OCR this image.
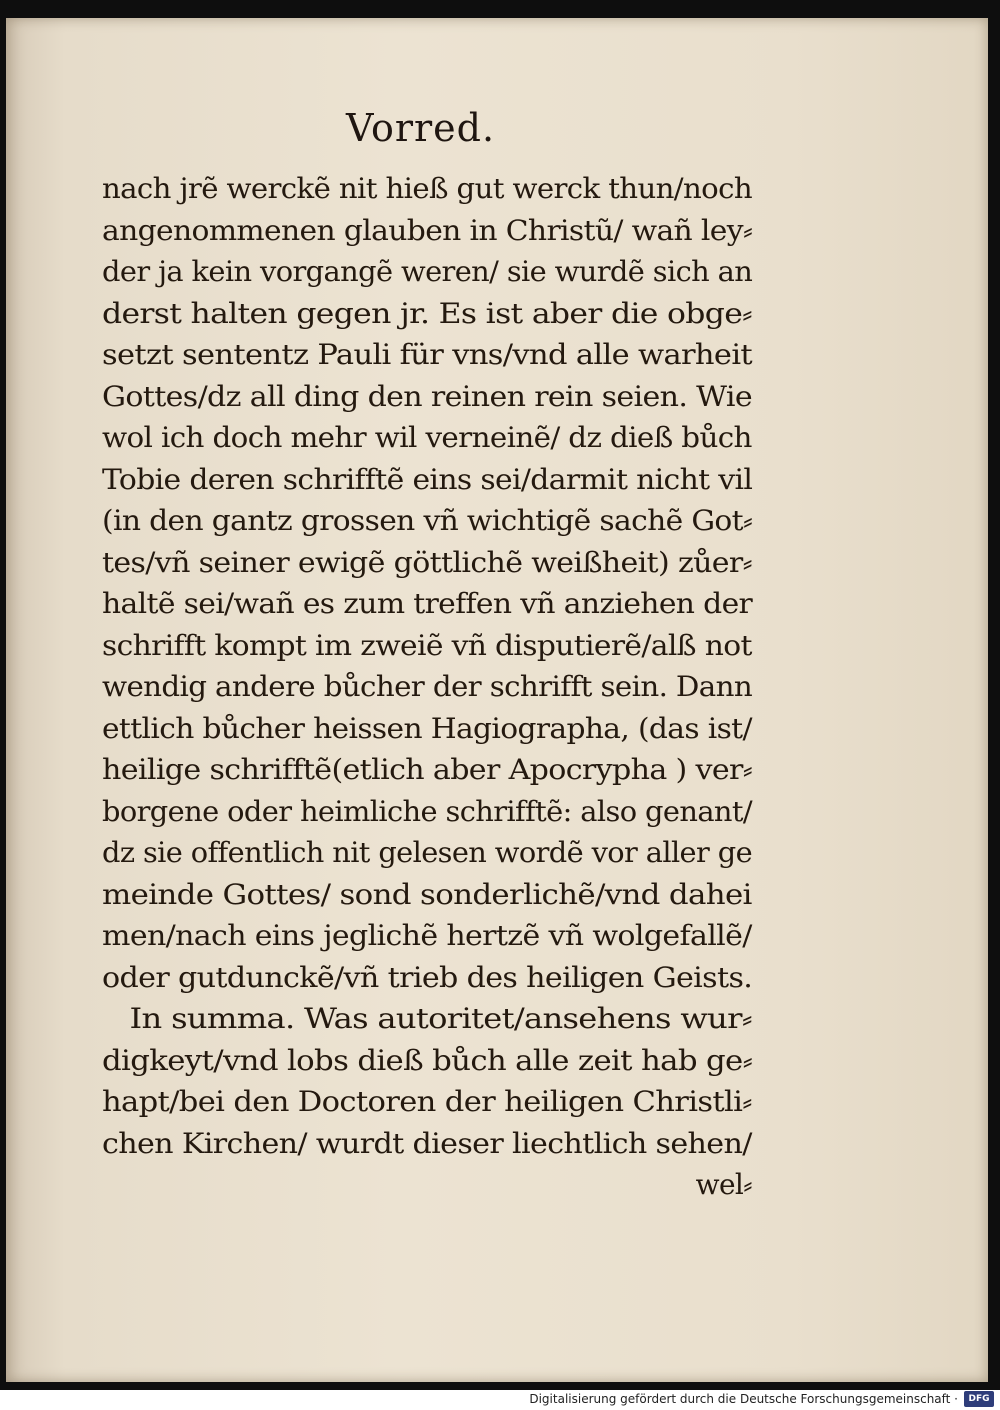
Vorred.
nach jrẽ werckẽ nit hieß gut werck thun/noch
angenommenen glauben in Christũ/ wañ ley⸗
der ja kein vorgangẽ weren/ sie wurdẽ sich an
derst halten gegen jr. Es ist aber die obge⸗
setzt sententz Pauli für vns/vnd alle warheit
Gottes/dz all ding den reinen rein seien. Wie
wol ich doch mehr wil verneinẽ/ dz dieß bůch
Tobie deren schrifftẽ eins sei/darmit nicht vil
(in den gantz grossen vñ wichtigẽ sachẽ Got⸗
tes/vñ seiner ewigẽ göttlichẽ weißheit) zůer⸗
haltẽ sei/wañ es zum treffen vñ anziehen der
schrifft kompt im zweiẽ vñ disputierẽ/alß not
wendig andere bůcher der schrifft sein. Dann
ettlich bůcher heissen Hagiographa, (das ist/
heilige schrifftẽ(etlich aber Apocrypha ) ver⸗
borgene oder heimliche schrifftẽ: also genant/
dz sie offentlich nit gelesen wordẽ vor aller ge
meinde Gottes/ sond sonderlichẽ/vnd dahei
men/nach eins jeglichẽ hertzẽ vñ wolgefallẽ/
oder gutdunckẽ/vñ trieb des heiligen Geists.
In summa. Was autoritet/ansehens wur⸗
digkeyt/vnd lobs dieß bůch alle zeit hab ge⸗
hapt/bei den Doctoren der heiligen Christli⸗
chen Kirchen/ wurdt dieser liechtlich sehen/
wel⸗
Digitalisierung gefördert durch die Deutsche Forschungsgemeinschaft ·	DFG
